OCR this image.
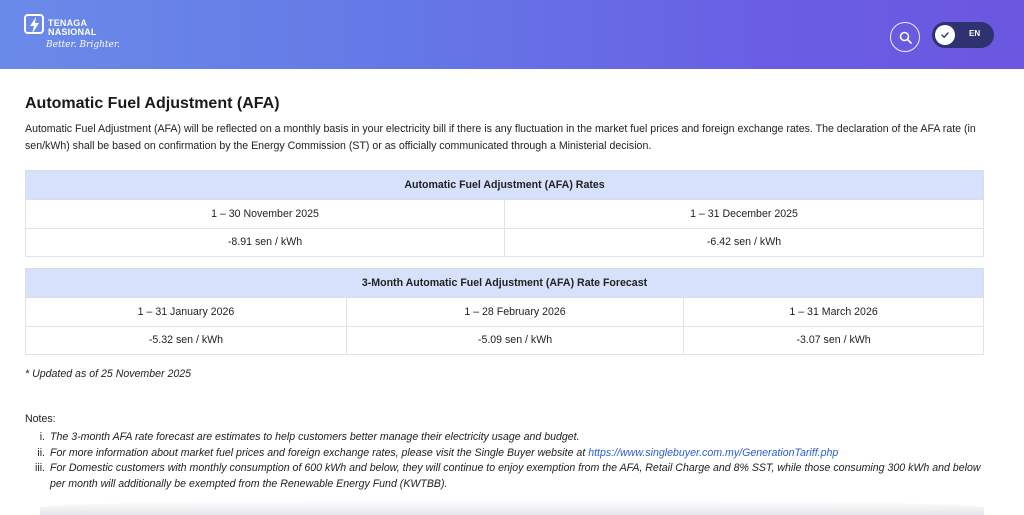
TENAGA
NASIONAL
Better. Brighter.
EN
Automatic Fuel Adjustment (AFA)

Automatic Fuel Adjustment (AFA) will be reflected on a monthly basis in your electricity bill if there is any fluctuation in the market fuel prices and foreign exchange rates. The declaration of the AFA rate (in sen/kWh) shall be based on confirmation by the Energy Commission (ST) or as officially communicated through a Ministerial decision.

Automatic Fuel Adjustment (AFA) Rates	
1 – 30 November 2025	1 – 31 December 2025
-8.91 sen / kWh	-6.42 sen / kWh
3-Month Automatic Fuel Adjustment (AFA) Rate Forecast		
1 – 31 January 2026	1 – 28 February 2026	1 – 31 March 2026
-5.32 sen / kWh	-5.09 sen / kWh	-3.07 sen / kWh
* Updated as of 25 November 2025
Notes:
i. The 3-month AFA rate forecast are estimates to help customers better manage their electricity usage and budget.
ii. For more information about market fuel prices and foreign exchange rates, please visit the Single Buyer website at https://www.singlebuyer.com.my/GenerationTariff.php
iii. For Domestic customers with monthly consumption of 600 kWh and below, they will continue to enjoy exemption from the AFA, Retail Charge and 8% SST, while those consuming 300 kWh and below per month will additionally be exempted from the Renewable Energy Fund (KWTBB).
